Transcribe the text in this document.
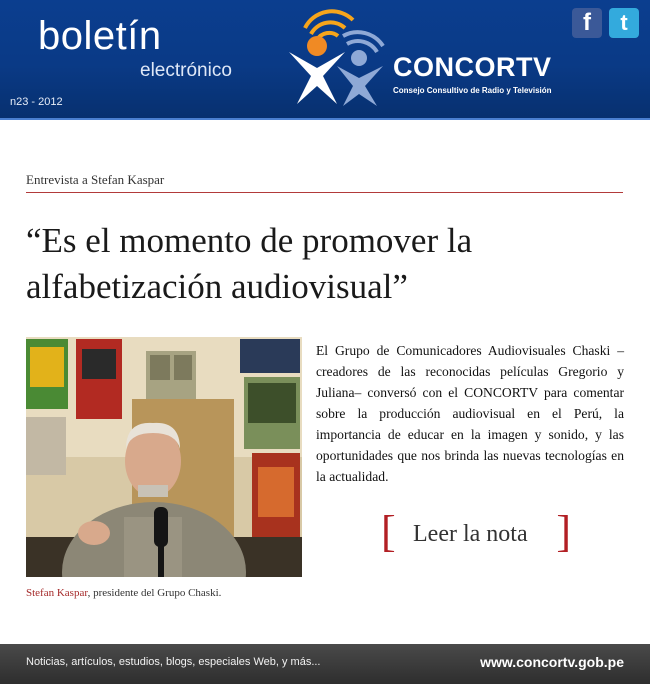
boletín
electrónico
n23 - 2012
CONCORTV
Consejo Consultivo de Radio y Televisión
f	t
Entrevista a Stefan Kaspar
“Es el momento de promover la alfabetización audiovisual”
Stefan Kaspar, presidente del Grupo Chaski.

El Grupo de Comunicadores Audiovisuales Chaski –creadores de las reconocidas películas Gregorio y Juliana– conversó con el CONCORTV para comentar sobre la producción audiovisual en el Perú, la importancia de educar en la imagen y sonido, y las oportunidades que nos brinda las nuevas tecnologías en la actualidad.

[ Leer la nota ]
Noticias, artículos, estudios, blogs, especiales Web, y más...	www.concortv.gob.pe
